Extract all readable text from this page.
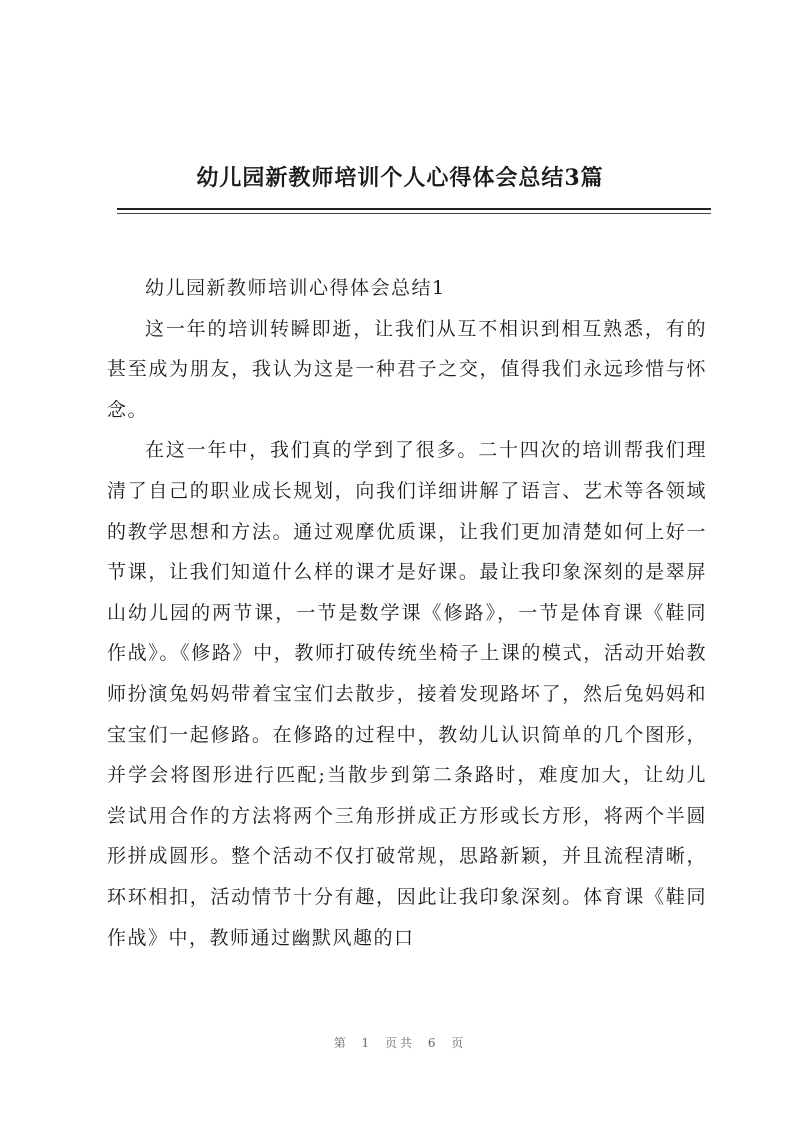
幼儿园新教师培训个人心得体会总结3篇

幼儿园新教师培训心得体会总结1

这一年的培训转瞬即逝，让我们从互不相识到相互熟悉，有的甚至成为朋友，我认为这是一种君子之交，值得我们永远珍惜与怀念。

在这一年中，我们真的学到了很多。二十四次的培训帮我们理清了自己的职业成长规划，向我们详细讲解了语言、艺术等各领域的教学思想和方法。通过观摩优质课，让我们更加清楚如何上好一节课，让我们知道什么样的课才是好课。最让我印象深刻的是翠屏山幼儿园的两节课，一节是数学课《修路》，一节是体育课《鞋同作战》。《修路》中，教师打破传统坐椅子上课的模式，活动开始教师扮演兔妈妈带着宝宝们去散步，接着发现路坏了，然后兔妈妈和宝宝们一起修路。在修路的过程中，教幼儿认识简单的几个图形，并学会将图形进行匹配;当散步到第二条路时，难度加大，让幼儿尝试用合作的方法将两个三角形拼成正方形或长方形，将两个半圆形拼成圆形。整个活动不仅打破常规，思路新颖，并且流程清晰，环环相扣，活动情节十分有趣，因此让我印象深刻。体育课《鞋同作战》中，教师通过幽默风趣的口

第 1 页共 6 页
